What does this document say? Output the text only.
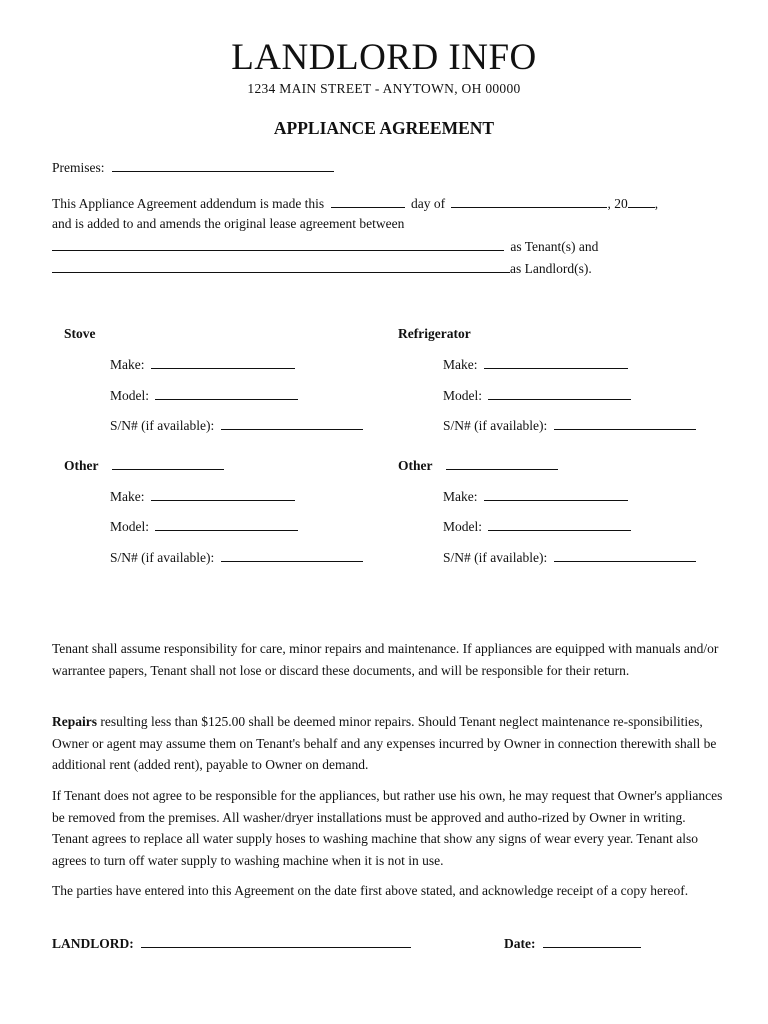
LANDLORD INFO
1234 MAIN STREET - ANYTOWN, OH 00000
APPLIANCE AGREEMENT
Premises:
This Appliance Agreement addendum is made this	day of	, 20 ,
and is added to and amends the original lease agreement between
as Tenant(s) and
as Landlord(s).
Stove
Make:
Model:
S/N# (if available):
Refrigerator
Make:
Model:
S/N# (if available):
Other
Make:
Model:
S/N# (if available):
Other
Make:
Model:
S/N# (if available):
Tenant shall assume responsibility for care, minor repairs and maintenance. If appliances are equipped with manuals and/or warrantee papers, Tenant shall not lose or discard these documents, and will be responsible for their return.
Repairs resulting less than $125.00 shall be deemed minor repairs. Should Tenant neglect maintenance re-sponsibilities, Owner or agent may assume them on Tenant's behalf and any expenses incurred by Owner in connection therewith shall be additional rent (added rent), payable to Owner on demand.
If Tenant does not agree to be responsible for the appliances, but rather use his own, he may request that Owner's appliances be removed from the premises. All washer/dryer installations must be approved and autho-rized by Owner in writing. Tenant agrees to replace all water supply hoses to washing machine that show any signs of wear every year. Tenant also agrees to turn off water supply to washing machine when it is not in use.
The parties have entered into this Agreement on the date first above stated, and acknowledge receipt of a copy hereof.
LANDLORD:	Date:
